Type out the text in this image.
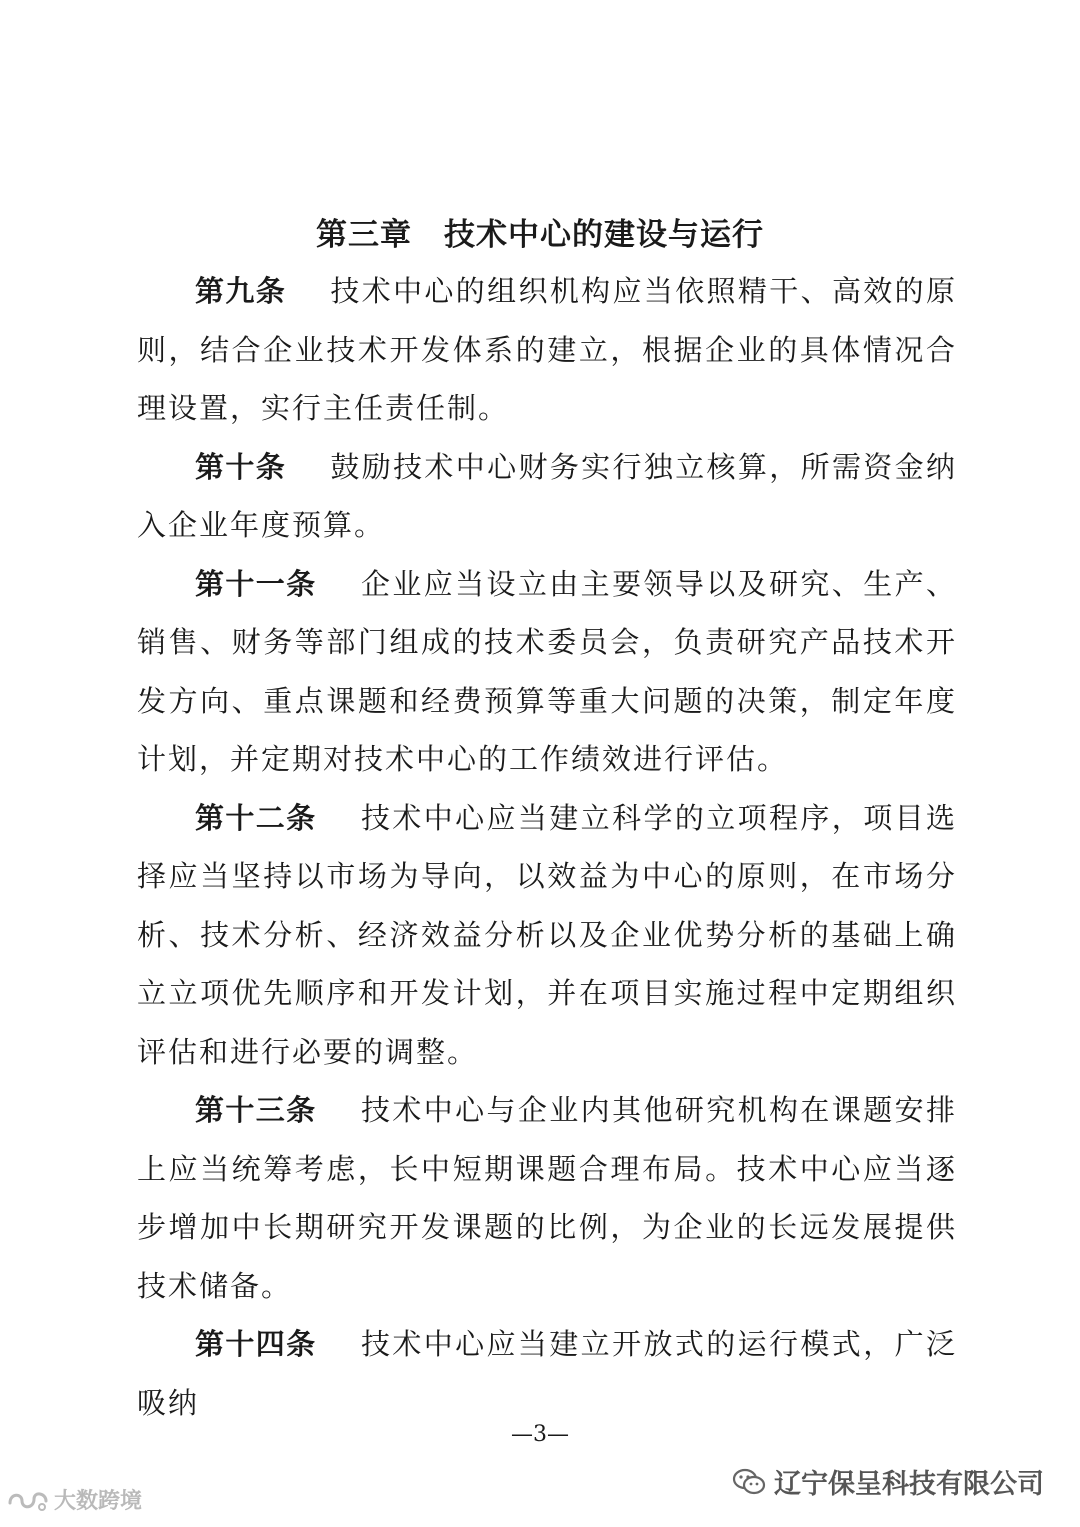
第三章　技术中心的建设与运行

第九条 技术中心的组织机构应当依照精干、高效的原则，结合企业技术开发体系的建立，根据企业的具体情况合理设置，实行主任责任制。

第十条 鼓励技术中心财务实行独立核算，所需资金纳入企业年度预算。

第十一条 企业应当设立由主要领导以及研究、生产、销售、财务等部门组成的技术委员会，负责研究产品技术开发方向、重点课题和经费预算等重大问题的决策，制定年度计划，并定期对技术中心的工作绩效进行评估。

第十二条 技术中心应当建立科学的立项程序，项目选择应当坚持以市场为导向，以效益为中心的原则，在市场分析、技术分析、经济效益分析以及企业优势分析的基础上确立立项优先顺序和开发计划，并在项目实施过程中定期组织评估和进行必要的调整。

第十三条 技术中心与企业内其他研究机构在课题安排上应当统筹考虑，长中短期课题合理布局。技术中心应当逐步增加中长期研究开发课题的比例，为企业的长远发展提供技术储备。

第十四条 技术中心应当建立开放式的运行模式，广泛吸纳

—3—
辽宁保呈科技有限公司
大数跨境
